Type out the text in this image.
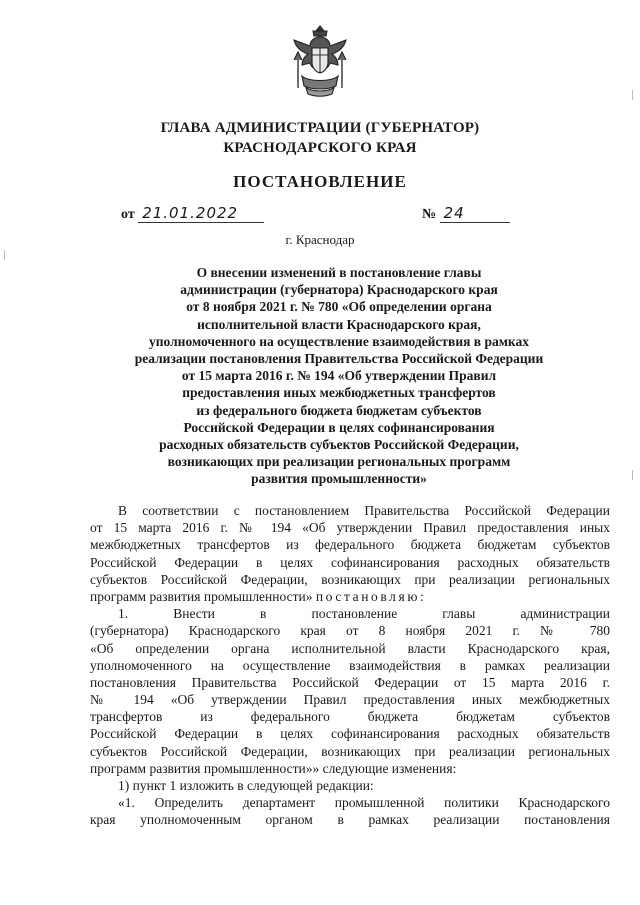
ГЛАВА АДМИНИСТРАЦИИ (ГУБЕРНАТОР)
КРАСНОДАРСКОГО КРАЯ
ПОСТАНОВЛЕНИЕ
от 21.01.2022	№ 24
г. Краснодар
О внесении изменений в постановление главы
администрации (губернатора) Краснодарского края
от 8 ноября 2021 г. № 780 «Об определении органа
исполнительной власти Краснодарского края,
уполномоченного на осуществление взаимодействия в рамках
реализации постановления Правительства Российской Федерации
от 15 марта 2016 г. № 194 «Об утверждении Правил
предоставления иных межбюджетных трансфертов
из федерального бюджета бюджетам субъектов
Российской Федерации в целях софинансирования
расходных обязательств субъектов Российской Федерации,
возникающих при реализации региональных программ
развития промышленности»
В соответствии с постановлением Правительства Российской Федерации
от 15 марта 2016 г. № 194 «Об утверждении Правил предоставления иных
межбюджетных трансфертов из федерального бюджета бюджетам субъектов
Российской Федерации в целях софинансирования расходных обязательств
субъектов Российской Федерации, возникающих при реализации региональных
программ развития промышленности» постановляю:
1. Внести в постановление главы администрации
(губернатора) Краснодарского края от 8 ноября 2021 г. № 780
«Об определении органа исполнительной власти Краснодарского края,
уполномоченного на осуществление взаимодействия в рамках реализации
постановления Правительства Российской Федерации от 15 марта 2016 г.
№ 194 «Об утверждении Правил предоставления иных межбюджетных
трансфертов из федерального бюджета бюджетам субъектов
Российской Федерации в целях софинансирования расходных обязательств
субъектов Российской Федерации, возникающих при реализации региональных
программ развития промышленности»» следующие изменения:
1) пункт 1 изложить в следующей редакции:
«1. Определить департамент промышленной политики Краснодарского
края уполномоченным органом в рамках реализации постановления
